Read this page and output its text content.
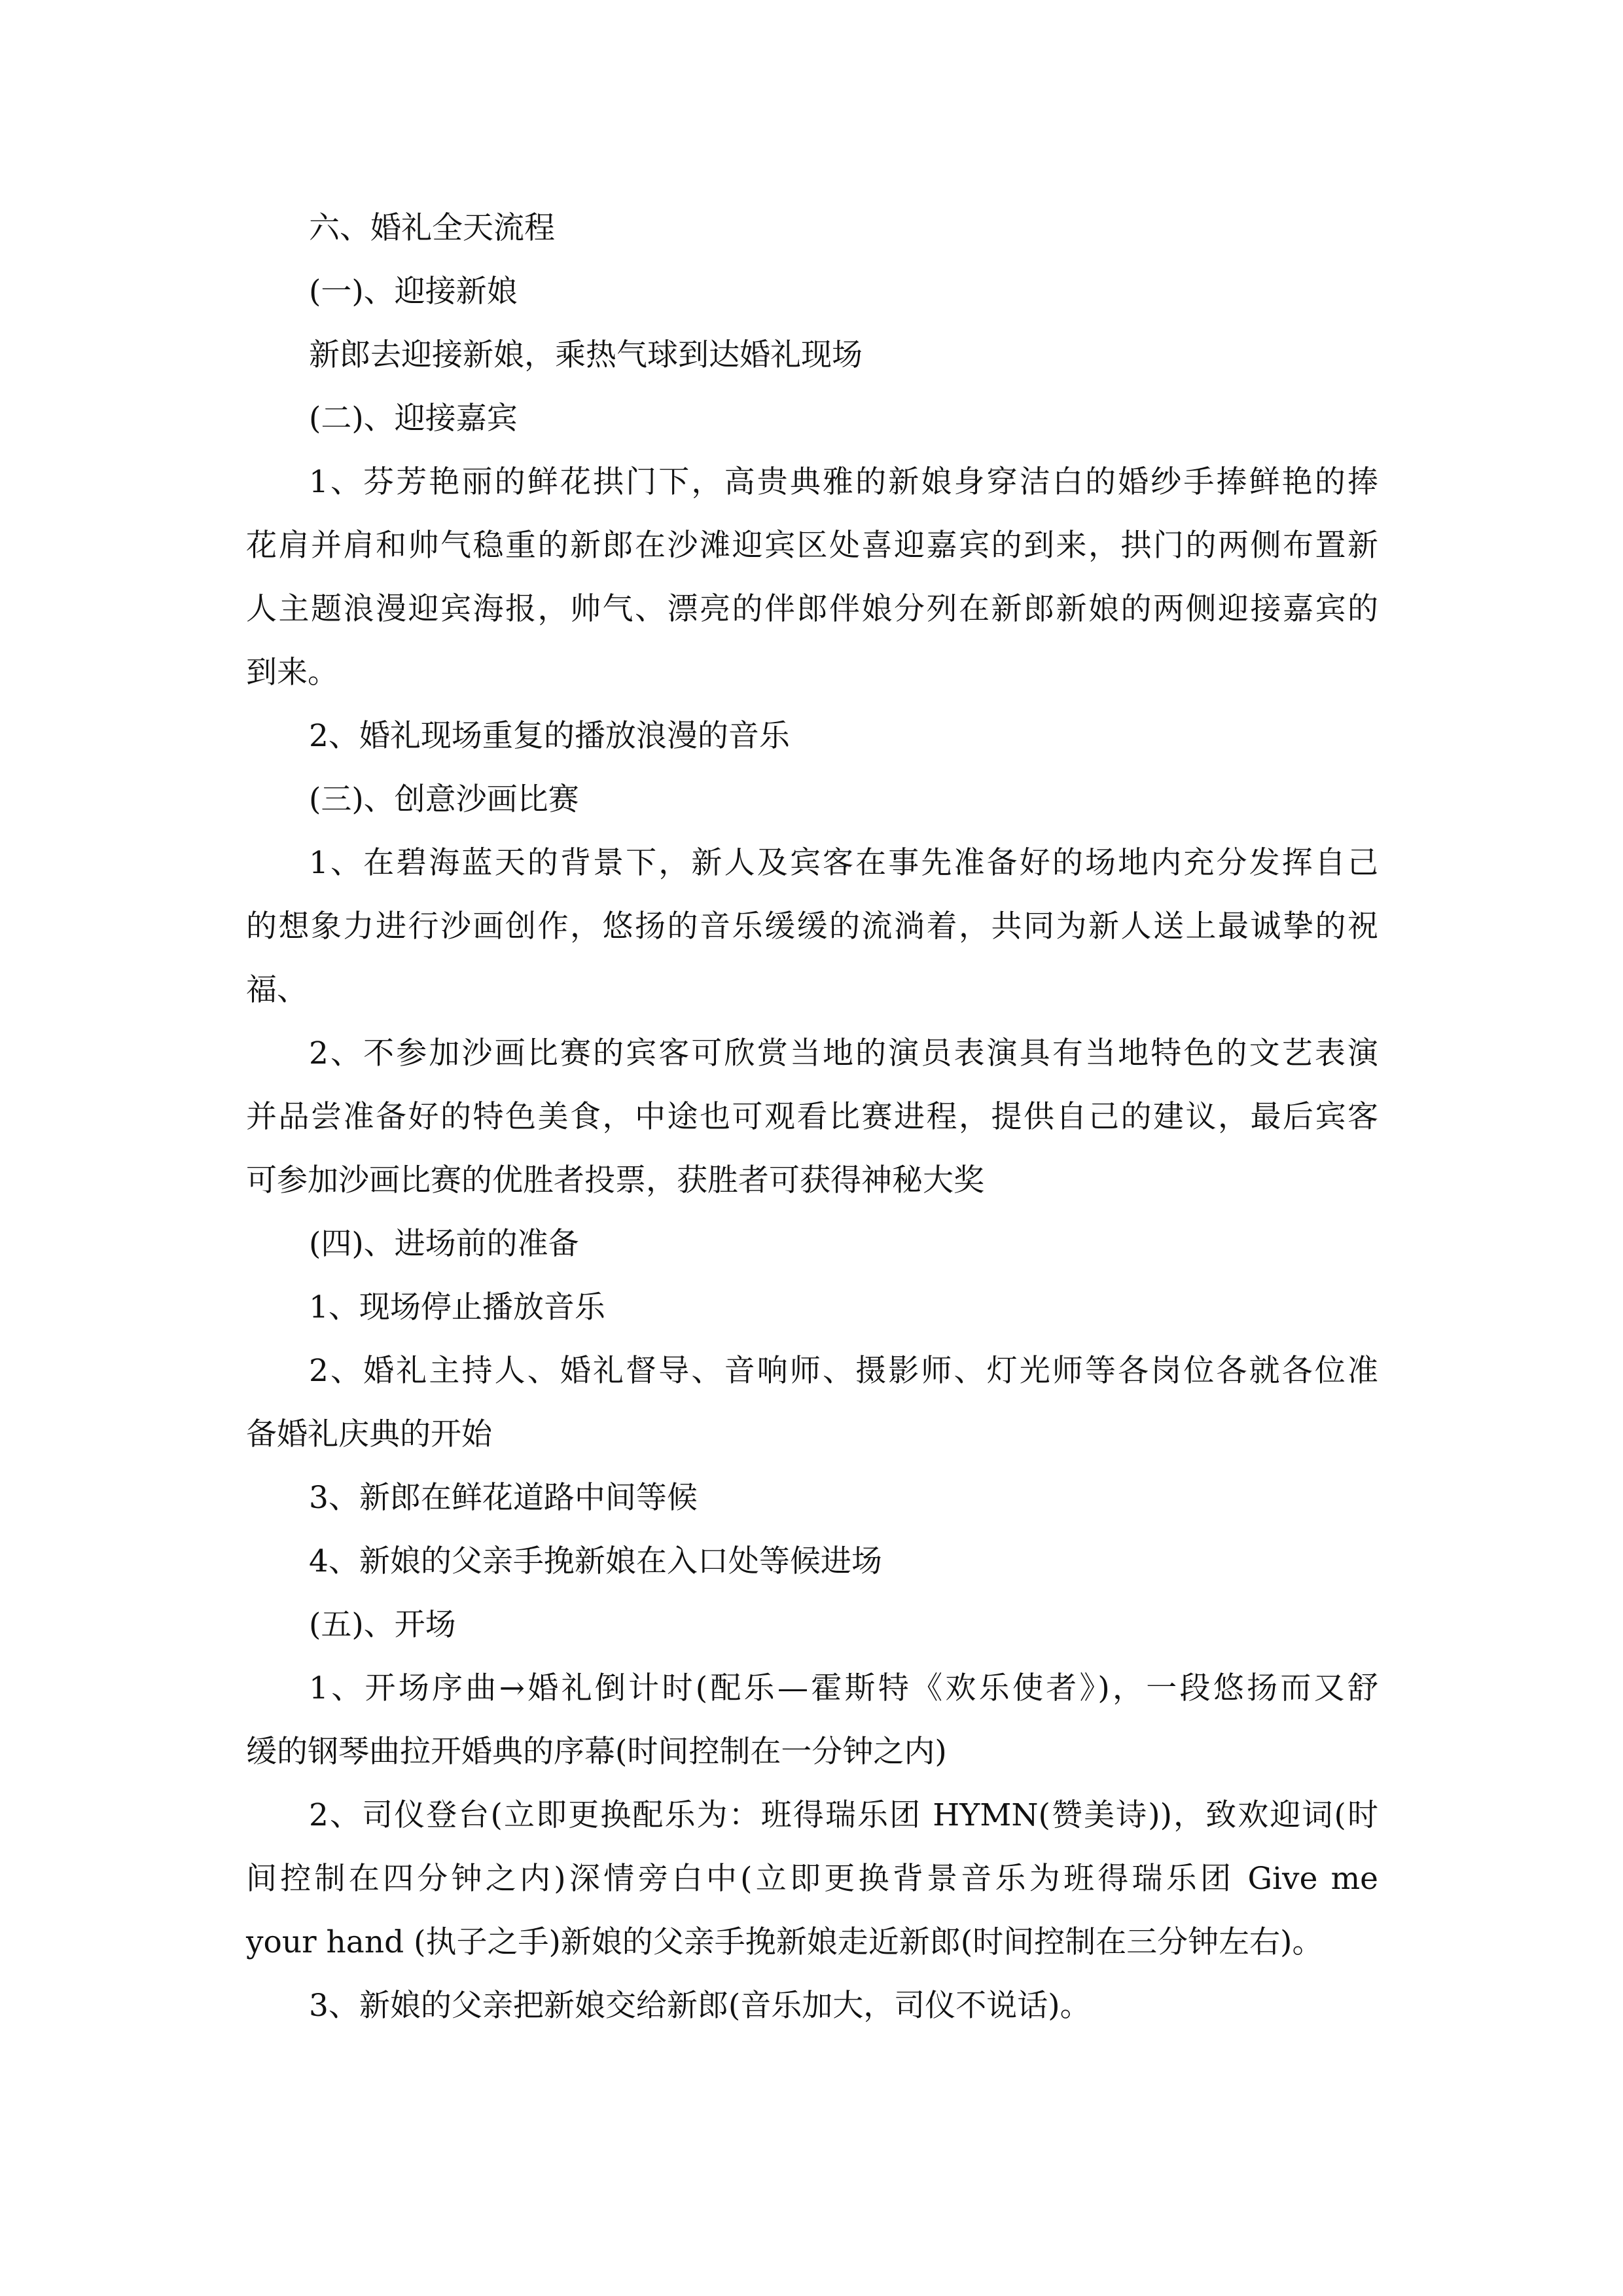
六、婚礼全天流程
(一)、迎接新娘
新郎去迎接新娘，乘热气球到达婚礼现场
(二)、迎接嘉宾
1、芬芳艳丽的鲜花拱门下，高贵典雅的新娘身穿洁白的婚纱手捧鲜艳的捧
花肩并肩和帅气稳重的新郎在沙滩迎宾区处喜迎嘉宾的到来，拱门的两侧布置新
人主题浪漫迎宾海报，帅气、漂亮的伴郎伴娘分列在新郎新娘的两侧迎接嘉宾的
到来。
2、婚礼现场重复的播放浪漫的音乐
(三)、创意沙画比赛
1、在碧海蓝天的背景下，新人及宾客在事先准备好的场地内充分发挥自己
的想象力进行沙画创作，悠扬的音乐缓缓的流淌着，共同为新人送上最诚挚的祝
福、
2、不参加沙画比赛的宾客可欣赏当地的演员表演具有当地特色的文艺表演
并品尝准备好的特色美食，中途也可观看比赛进程，提供自己的建议，最后宾客
可参加沙画比赛的优胜者投票，获胜者可获得神秘大奖
(四)、进场前的准备
1、现场停止播放音乐
2、婚礼主持人、婚礼督导、音响师、摄影师、灯光师等各岗位各就各位准
备婚礼庆典的开始
3、新郎在鲜花道路中间等候
4、新娘的父亲手挽新娘在入口处等候进场
(五)、开场
1、开场序曲→婚礼倒计时(配乐—霍斯特《欢乐使者》)，一段悠扬而又舒
缓的钢琴曲拉开婚典的序幕(时间控制在一分钟之内)
2、司仪登台(立即更换配乐为：班得瑞乐团 HYMN(赞美诗))，致欢迎词(时
间控制在四分钟之内)深情旁白中(立即更换背景音乐为班得瑞乐团 Give me
your hand (执子之手)新娘的父亲手挽新娘走近新郎(时间控制在三分钟左右)。
3、新娘的父亲把新娘交给新郎(音乐加大，司仪不说话)。
